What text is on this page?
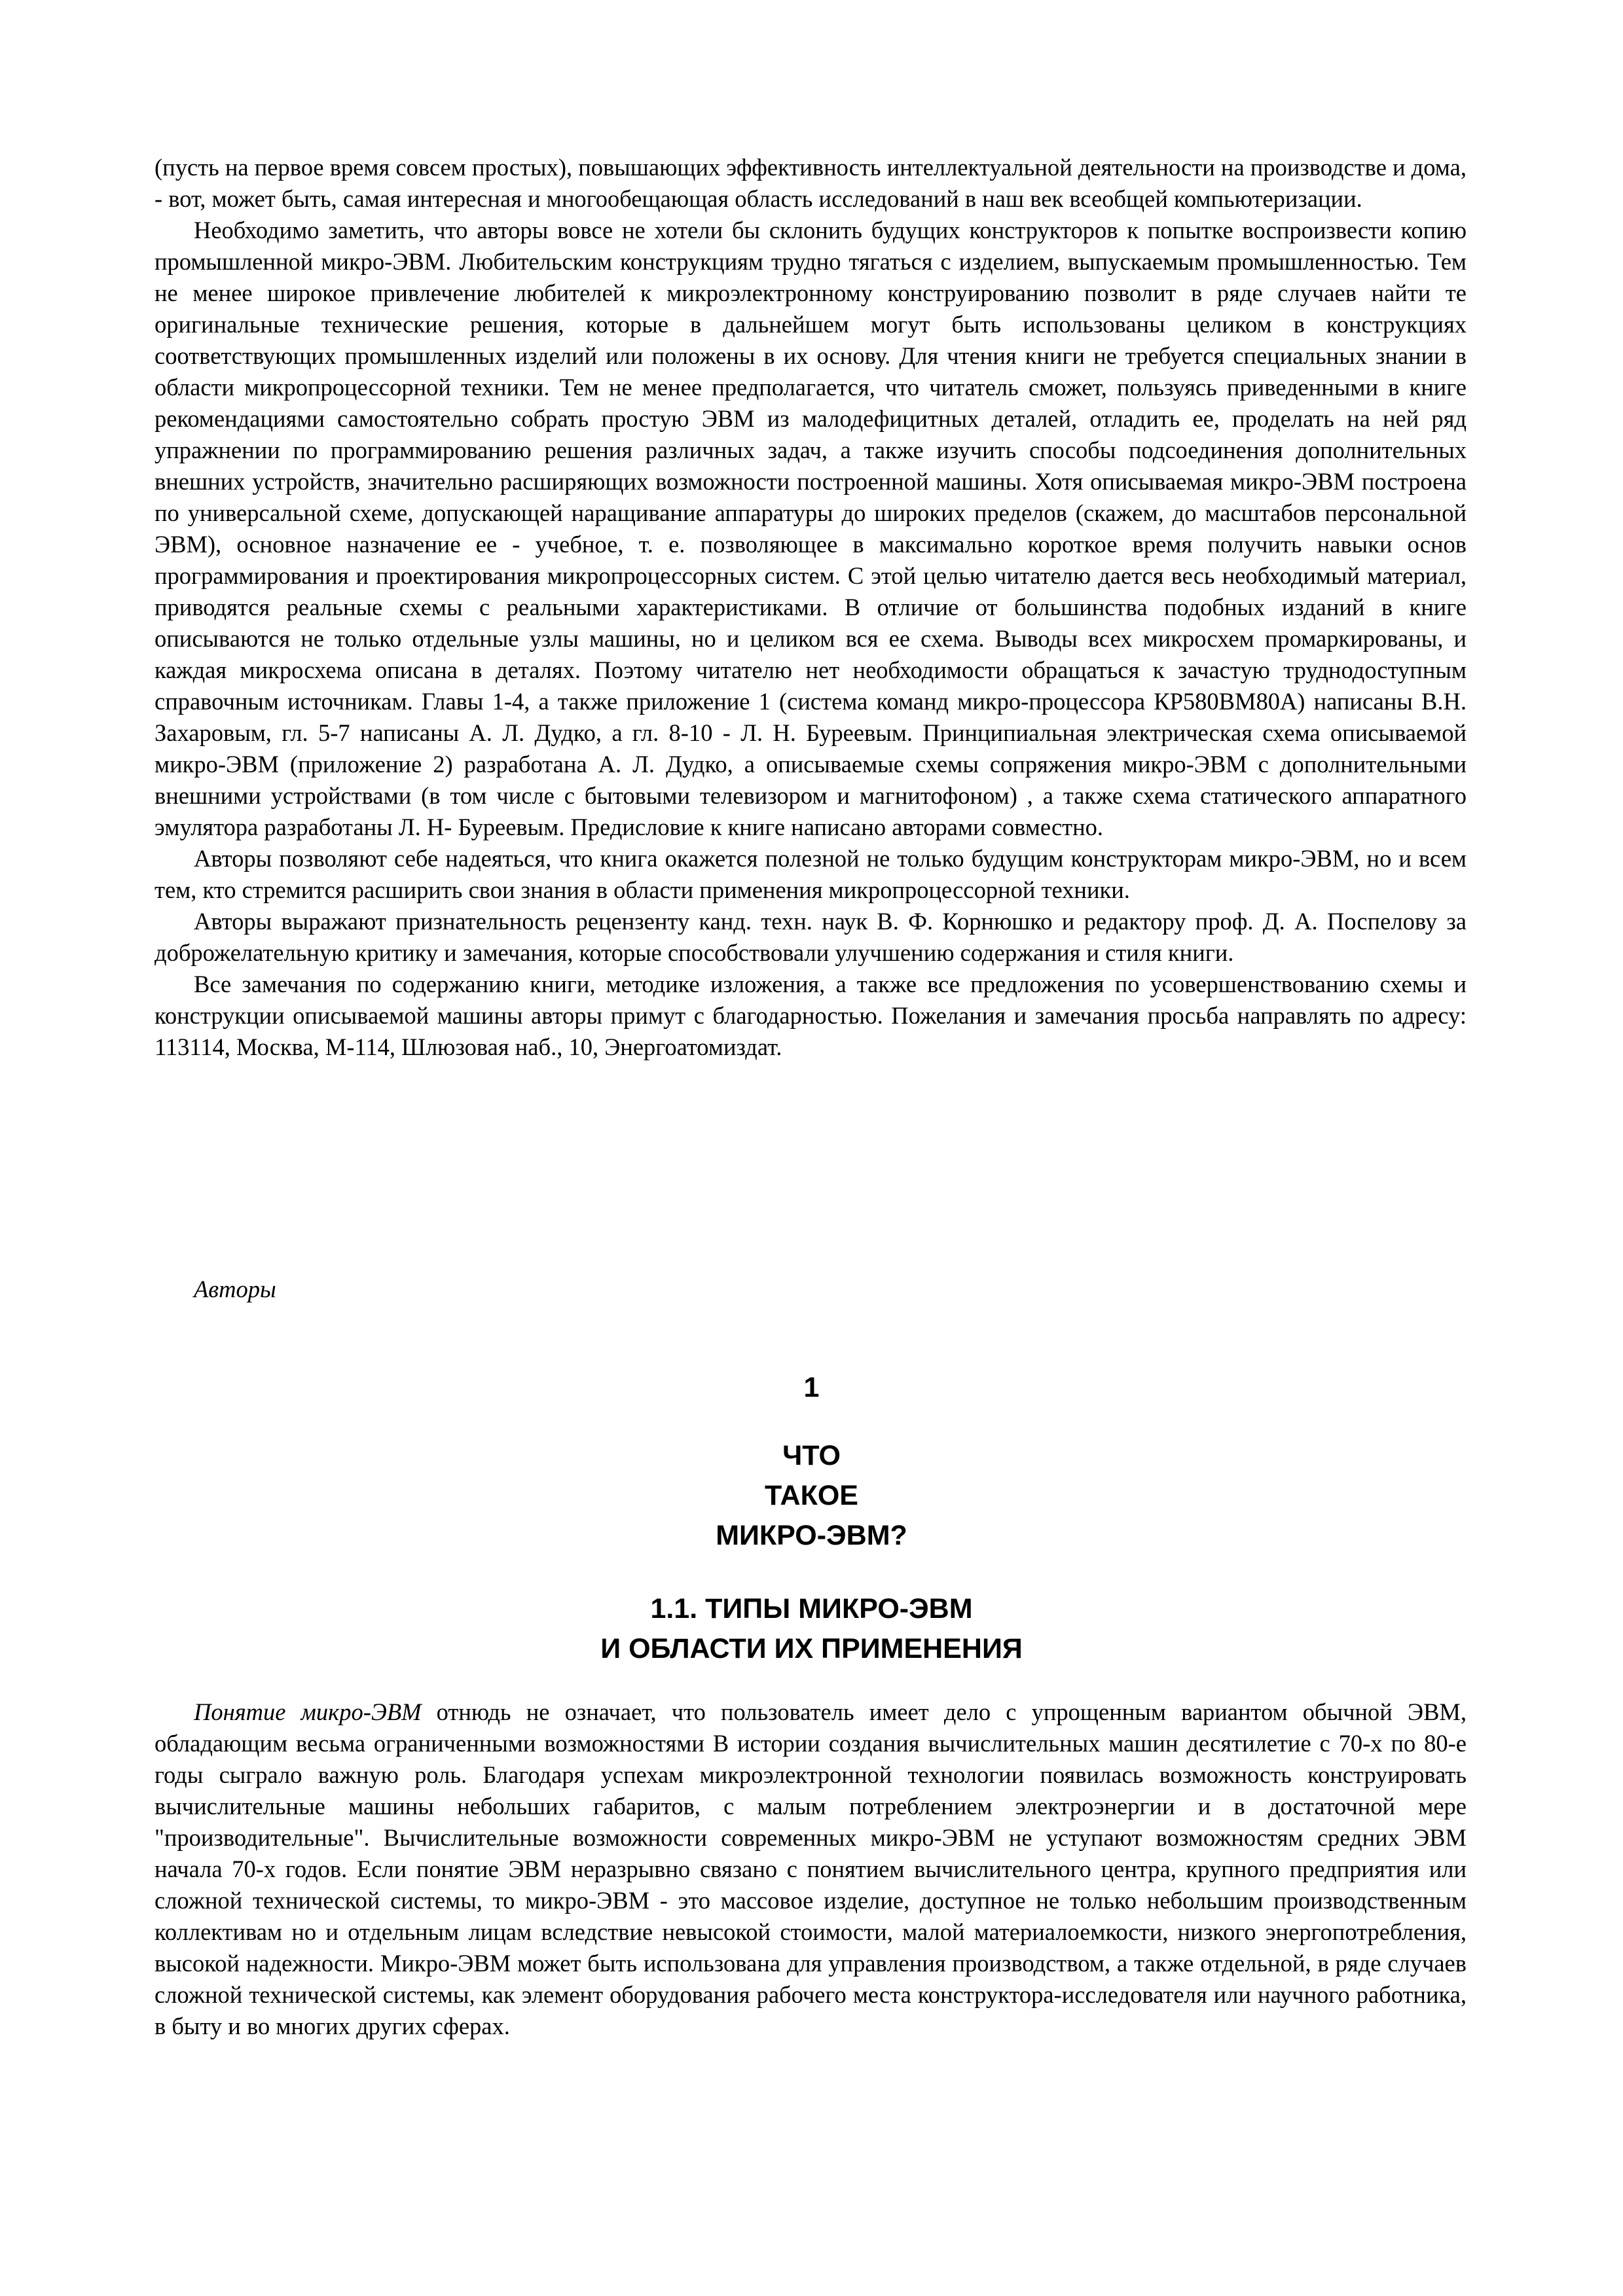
(пусть на первое время совсем простых), повышающих эффективность интеллектуальной деятельности на производстве и дома, - вот, может быть, самая интересная и многообещающая область исследований в наш век всеобщей компьютеризации.

Необходимо заметить, что авторы вовсе не хотели бы склонить будущих конструкторов к попытке воспроизвести копию промышленной микро-ЭВМ. Любительским конструкциям трудно тягаться с изделием, выпускаемым промышленностью. Тем не менее широкое привлечение любителей к микроэлектронному конструированию позволит в ряде случаев найти те оригинальные технические решения, которые в дальнейшем могут быть использованы целиком в конструкциях соответствующих промышленных изделий или положены в их основу. Для чтения книги не требуется специальных знании в области микропроцессорной техники. Тем не менее предполагается, что читатель сможет, пользуясь приведенными в книге рекомендациями самостоятельно собрать простую ЭВМ из малодефицитных деталей, отладить ее, проделать на ней ряд упражнении по программированию решения различных задач, а также изучить способы подсоединения дополнительных внешних устройств, значительно расширяющих возможности построенной машины. Хотя описываемая микро-ЭВМ построена по универсальной схеме, допускающей наращивание аппаратуры до широких пределов (скажем, до масштабов персональной ЭВМ), основное назначение ее - учебное, т. е. позволяющее в максимально короткое время получить навыки основ программирования и проектирования микропроцессорных систем. С этой целью читателю дается весь необходимый материал, приводятся реальные схемы с реальными характеристиками. В отличие от большинства подобных изданий в книге описываются не только отдельные узлы машины, но и целиком вся ее схема. Выводы всех микросхем промаркированы, и каждая микросхема описана в деталях. Поэтому читателю нет необходимости обращаться к зачастую труднодоступным справочным источникам. Главы 1-4, а также приложение 1 (система команд микро-процессора КР580ВМ80А) написаны В.Н. Захаровым, гл. 5-7 написаны А. Л. Дудко, а гл. 8-10 - Л. Н. Буреевым. Принципиальная электрическая схема описываемой микро-ЭВМ (приложение 2) разработана А. Л. Дудко, а описываемые схемы сопряжения микро-ЭВМ с дополнительными внешними устройствами (в том числе с бытовыми телевизором и магнитофоном) , а также схема статического аппаратного эмулятора разработаны Л. Н- Буреевым. Предисловие к книге написано авторами совместно.

Авторы позволяют себе надеяться, что книга окажется полезной не только будущим конструкторам микро-ЭВМ, но и всем тем, кто стремится расширить свои знания в области применения микропроцессорной техники.

Авторы выражают признательность рецензенту канд. техн. наук В. Ф. Корнюшко и редактору проф. Д. А. Поспелову за доброжелательную критику и замечания, которые способствовали улучшению содержания и стиля книги.

Все замечания по содержанию книги, методике изложения, а также все предложения по усовершенствованию схемы и конструкции описываемой машины авторы примут с благодарностью. Пожелания и замечания просьба направлять по адресу: 113114, Москва, М-114, Шлюзовая наб., 10, Энергоатомиздат.

Авторы
1
ЧТО
ТАКОЕ
МИКРО-ЭВМ?
1.1. ТИПЫ МИКРО-ЭВМ
И ОБЛАСТИ ИХ ПРИМЕНЕНИЯ

Понятие микро-ЭВМ отнюдь не означает, что пользователь имеет дело с упрощенным вариантом обычной ЭВМ, обладающим весьма ограниченными возможностями В истории создания вычислительных машин десятилетие с 70-х по 80-е годы сыграло важную роль. Благодаря успехам микроэлектронной технологии появилась возможность конструировать вычислительные машины небольших габаритов, с малым потреблением электроэнергии и в достаточной мере "производительные". Вычислительные возможности современных микро-ЭВМ не уступают возможностям средних ЭВМ начала 70-х годов. Если понятие ЭВМ неразрывно связано с понятием вычислительного центра, крупного предприятия или сложной технической системы, то микро-ЭВМ - это массовое изделие, доступное не только небольшим производственным коллективам но и отдельным лицам вследствие невысокой стоимости, малой материалоемкости, низкого энергопотребления, высокой надежности. Микро-ЭВМ может быть использована для управления производством, а также отдельной, в ряде случаев сложной технической системы, как элемент оборудования рабочего места конструктора-исследователя или научного работника, в быту и во многих других сферах.
